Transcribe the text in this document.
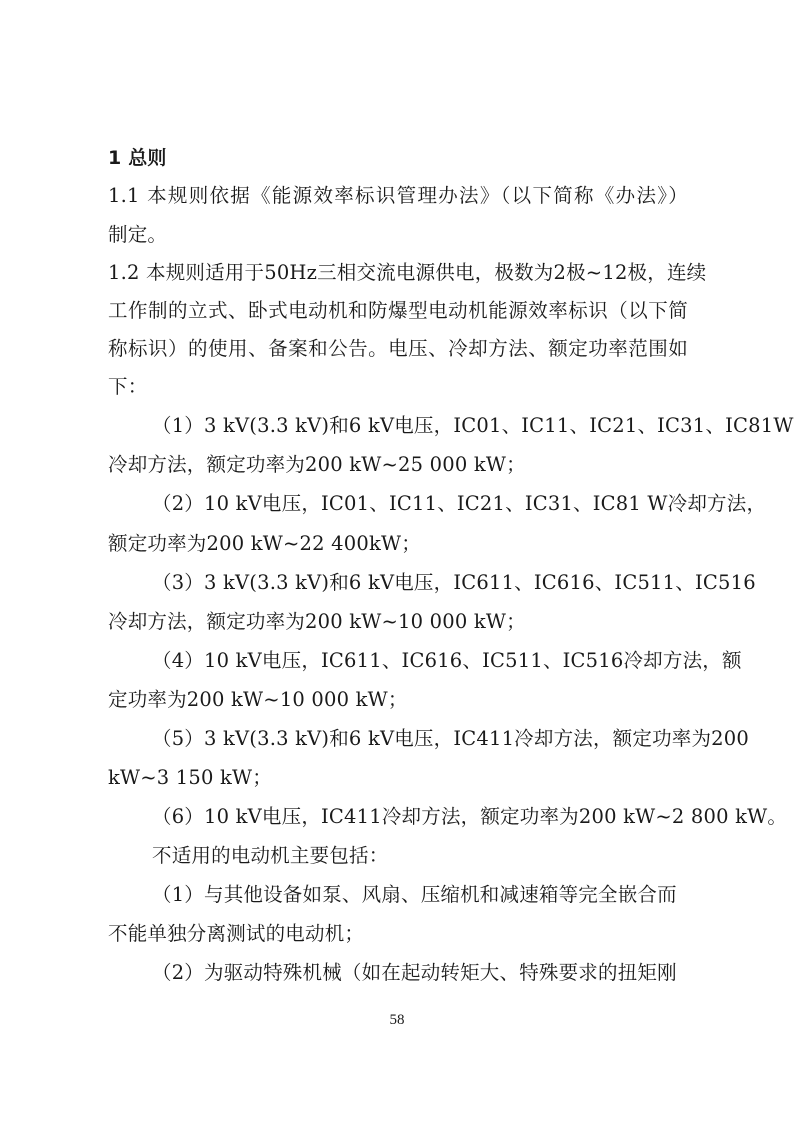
1 总则
1.1 本规则依据《能源效率标识管理办法》（以下简称《办法》）
制定。
1.2 本规则适用于50Hz三相交流电源供电，极数为2极~12极，连续
工作制的立式、卧式电动机和防爆型电动机能源效率标识（以下简
称标识）的使用、备案和公告。电压、冷却方法、额定功率范围如
下：
（1）3 kV(3.3 kV)和6 kV电压，IC01、IC11、IC21、IC31、IC81W
冷却方法，额定功率为200 kW~25 000 kW；
（2）10 kV电压，IC01、IC11、IC21、IC31、IC81 W冷却方法，
额定功率为200 kW~22 400kW；
（3）3 kV(3.3 kV)和6 kV电压，IC611、IC616、IC511、IC516
冷却方法，额定功率为200 kW~10 000 kW；
（4）10 kV电压，IC611、IC616、IC511、IC516冷却方法，额
定功率为200 kW~10 000 kW；
（5）3 kV(3.3 kV)和6 kV电压，IC411冷却方法，额定功率为200
kW~3 150 kW；
（6）10 kV电压，IC411冷却方法，额定功率为200 kW~2 800 kW。
不适用的电动机主要包括：
（1）与其他设备如泵、风扇、压缩机和减速箱等完全嵌合而
不能单独分离测试的电动机；
（2）为驱动特殊机械（如在起动转矩大、特殊要求的扭矩刚
58
